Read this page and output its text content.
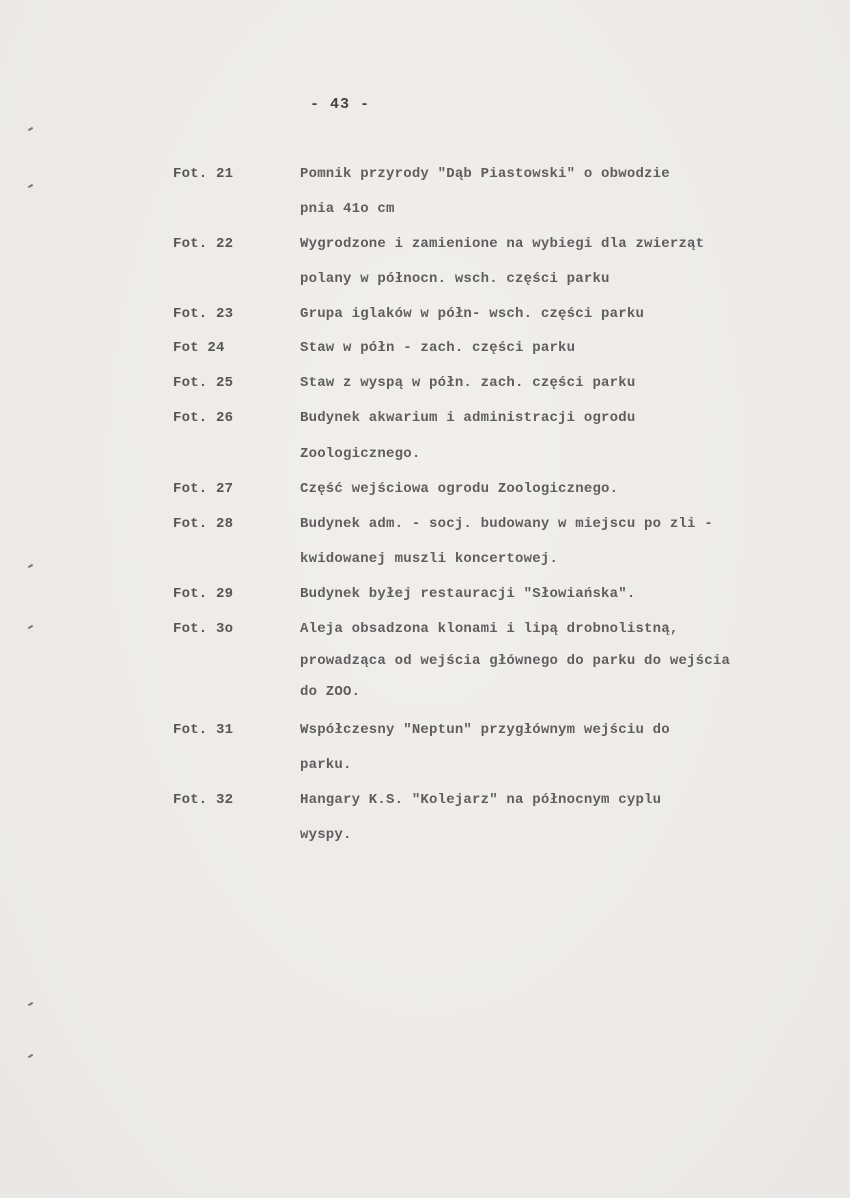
- 43 -
Fot. 21	Pomnik przyrody "Dąb Piastowski" o obwodzie
pnia 41o cm
Fot. 22	Wygrodzone i zamienione na wybiegi dla zwierząt
polany w północn. wsch. części parku
Fot. 23	Grupa iglaków w półn- wsch. części parku
Fot 24	Staw w półn - zach. części parku
Fot. 25	Staw z wyspą w półn. zach. części parku
Fot. 26	Budynek akwarium i administracji ogrodu
Zoologicznego.
Fot. 27	Część wejściowa ogrodu Zoologicznego.
Fot. 28	Budynek adm. - socj. budowany w miejscu po zli -
kwidowanej muszli koncertowej.
Fot. 29	Budynek byłej restauracji "Słowiańska".
Fot. 3o	Aleja obsadzona klonami i lipą drobnolistną,
prowadząca od wejścia głównego do parku do wejścia
do ZOO.
Fot. 31	Współczesny "Neptun" przygłównym wejściu do
parku.
Fot. 32	Hangary K.S. "Kolejarz" na północnym cyplu
wyspy.
